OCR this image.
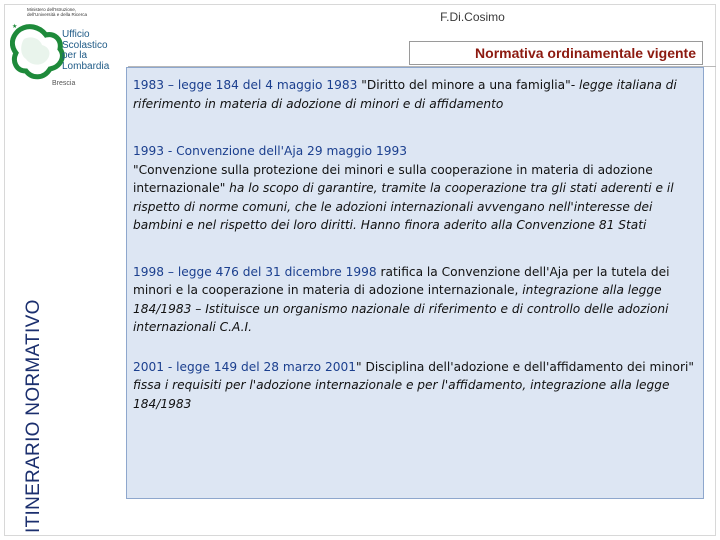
Ministero dell'Istruzione,
dell'Università e della Ricerca
★
Ufficio
Scolastico
per la
Lombardia
Brescia
F.Di.Cosimo
Normativa ordinamentale vigente
ITINERARIO NORMATIVO

1983 – legge 184 del 4 maggio 1983 "Diritto del minore a una famiglia"- legge italiana di riferimento in materia di adozione di minori e di affidamento

1993 - Convenzione dell'Aja 29 maggio 1993
"Convenzione sulla protezione dei minori e sulla cooperazione in materia di adozione internazionale" ha lo scopo di garantire, tramite la cooperazione tra gli stati aderenti e il rispetto di norme comuni, che le adozioni internazionali avvengano nell'interesse dei bambini e nel rispetto dei loro diritti. Hanno finora aderito alla Convenzione 81 Stati

1998 – legge 476 del 31 dicembre 1998 ratifica la Convenzione dell'Aja per la tutela dei minori e la cooperazione in materia di adozione internazionale, integrazione alla legge 184/1983 – Istituisce un organismo nazionale di riferimento e di controllo delle adozioni internazionali C.A.I.

2001 - legge 149 del 28 marzo 2001" Disciplina dell'adozione e dell'affidamento dei minori" fissa i requisiti per l'adozione internazionale e per l'affidamento, integrazione alla legge 184/1983
